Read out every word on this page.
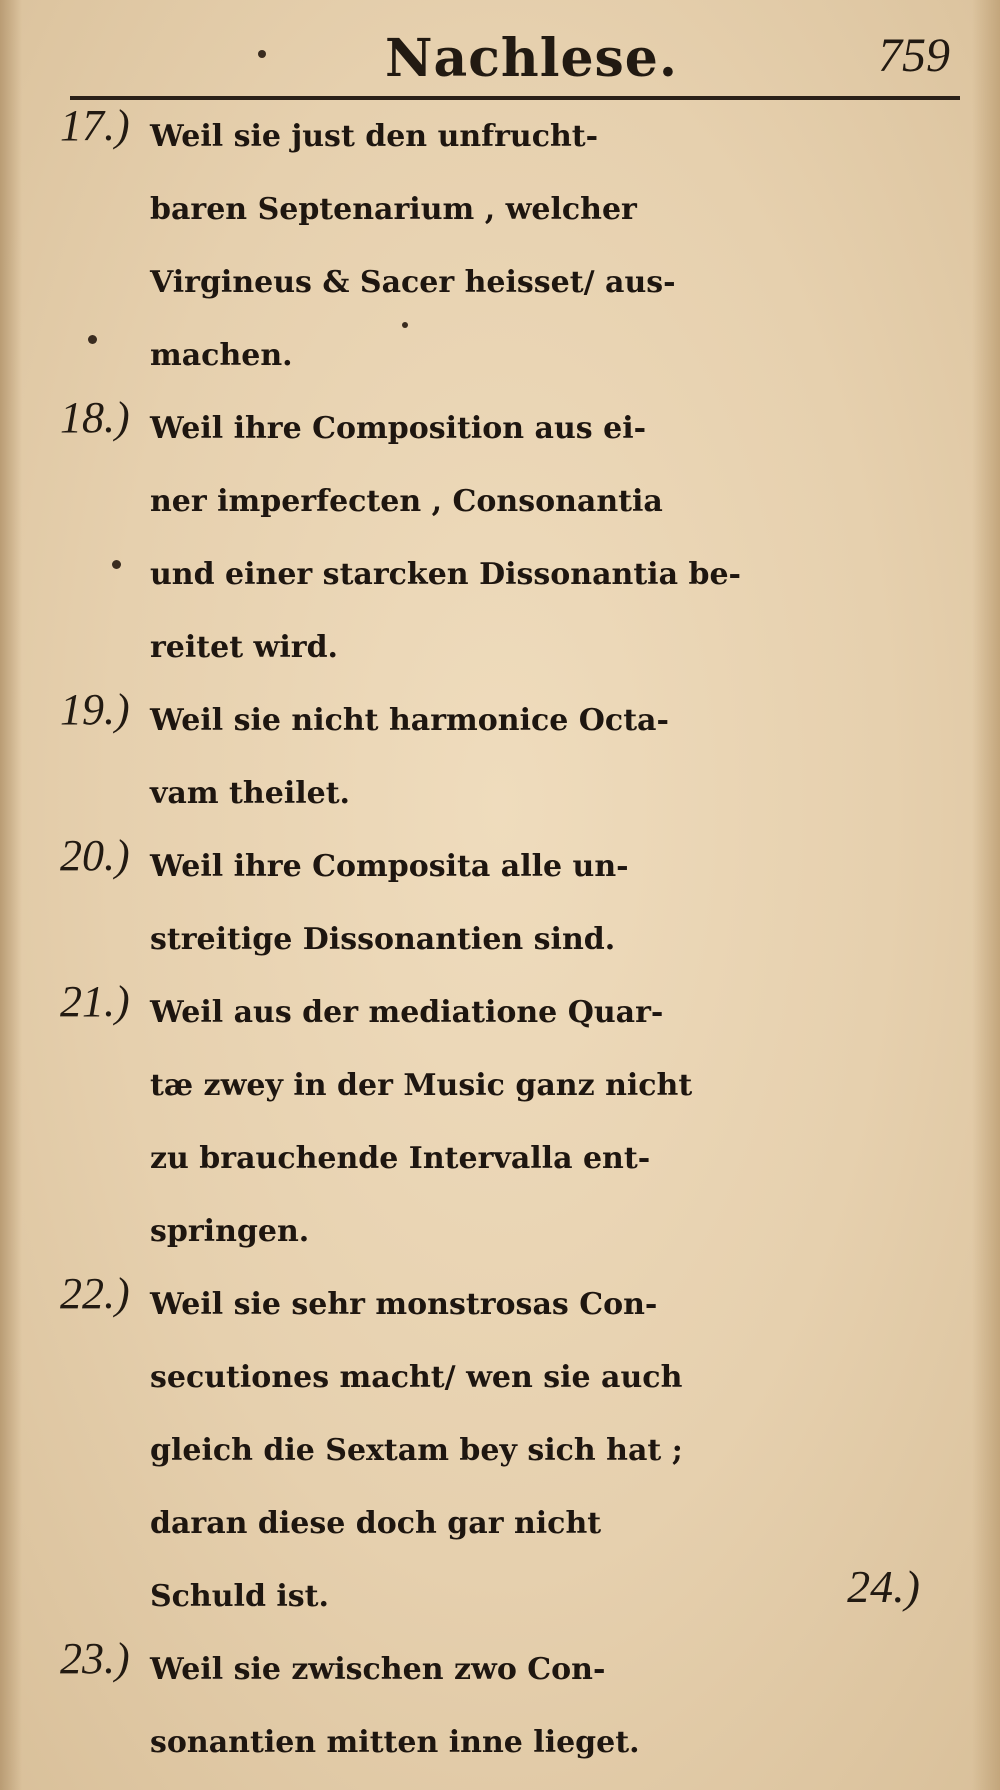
Nachlese.	759
17.) Weil sie just den unfrucht-
baren Septenarium , welcher
Virgineus & Sacer heisset/ aus-
machen.
18.) Weil ihre Composition aus ei-
ner imperfecten , Consonantia
und einer starcken Dissonantia be-
reitet wird.
19.) Weil sie nicht harmonice Octa-
vam theilet.
20.) Weil ihre Composita alle un-
streitige Dissonantien sind.
21.) Weil aus der mediatione Quar-
tæ zwey in der Music ganz nicht
zu brauchende Intervalla ent-
springen.
22.) Weil sie sehr monstrosas Con-
secutiones macht/ wen sie auch
gleich die Sextam bey sich hat ;
daran diese doch gar nicht
Schuld ist.
23.) Weil sie zwischen zwo Con-
sonantien mitten inne lieget.
24.)
